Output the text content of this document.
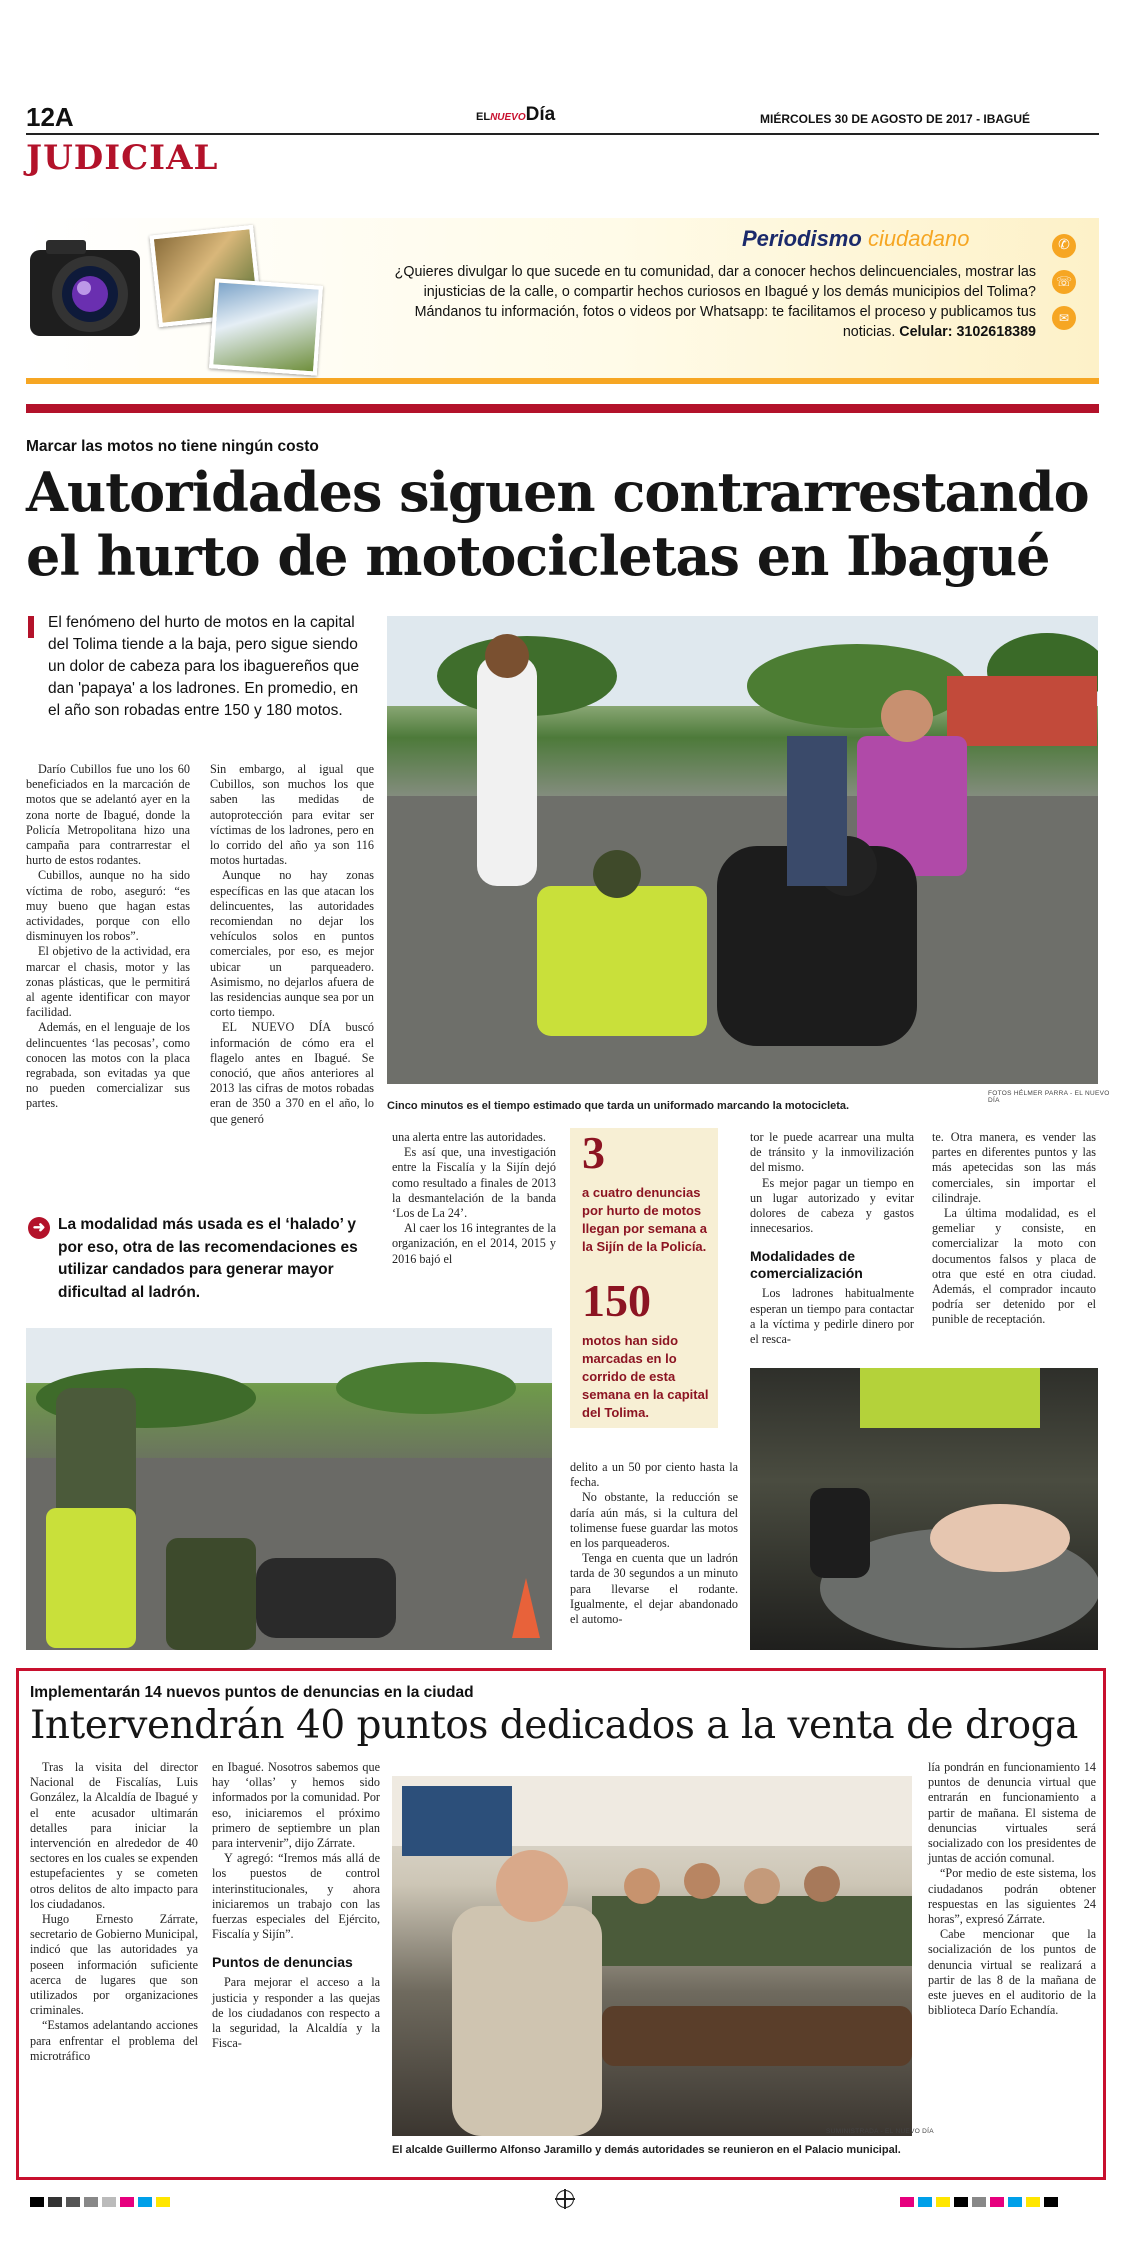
12A	ELNUEVODía	MIÉRCOLES 30 DE AGOSTO DE 2017 - IBAGUÉ
JUDICIAL
Periodismo ciudadano
¿Quieres divulgar lo que sucede en tu comunidad, dar a conocer hechos delincuenciales, mostrar las injusticias de la calle, o compartir hechos curiosos en Ibagué y los demás municipios del Tolima? Mándanos tu información, fotos o videos por Whatsapp: te facilitamos el proceso y publicamos tus noticias. Celular: 3102618389
✆
☏
✉
Marcar las motos no tiene ningún costo
Autoridades siguen contrarrestando
el hurto de motocicletas en Ibagué
El fenómeno del hurto de motos en la capital del Tolima tiende a la baja, pero sigue siendo un dolor de cabeza para los ibaguereños que dan 'papaya' a los ladrones. En promedio, en el año son robadas entre 150 y 180 motos.

Darío Cubillos fue uno los 60 beneficiados en la marcación de motos que se adelantó ayer en la zona norte de Ibagué, donde la Policía Metropolitana hizo una campaña para contrarrestar el hurto de estos rodantes.

Cubillos, aunque no ha sido víctima de robo, aseguró: “es muy bueno que hagan estas actividades, porque con ello disminuyen los robos”.

El objetivo de la actividad, era marcar el chasis, motor y las zonas plásticas, que le permitirá al agente identificar con mayor facilidad.

Además, en el lenguaje de los delincuentes ‘las pecosas’, como conocen las motos con la placa regrabada, son evitadas ya que no pueden comercializar sus partes.

Sin embargo, al igual que Cubillos, son muchos los que saben las medidas de autoprotección para evitar ser víctimas de los ladrones, pero en lo corrido del año ya son 116 motos hurtadas.

Aunque no hay zonas específicas en las que atacan los delincuentes, las autoridades recomiendan no dejar los vehículos solos en puntos comerciales, por eso, es mejor ubicar un parqueadero. Asimismo, no dejarlos afuera de las residencias aunque sea por un corto tiempo.

EL NUEVO DÍA buscó información de cómo era el flagelo antes en Ibagué. Se conoció, que años anteriores al 2013 las cifras de motos robadas eran de 350 a 370 en el año, lo que generó

Cinco minutos es el tiempo estimado que tarda un uniformado marcando la motocicleta.
FOTOS HÉLMER PARRA - EL NUEVO DÍA
➜ La modalidad más usada es el ‘halado’ y por eso, otra de las recomendaciones es utilizar candados para generar mayor dificultad al ladrón.

una alerta entre las autoridades.

Es así que, una investigación entre la Fiscalía y la Sijín dejó como resultado a finales de 2013 la desmantelación de la banda ‘Los de La 24’.

Al caer los 16 integrantes de la organización, en el 2014, 2015 y 2016 bajó el

3
a cuatro denuncias por hurto de motos llegan por semana a la Sijín de la Policía.
150
motos han sido marcadas en lo corrido de esta semana en la capital del Tolima.

tor le puede acarrear una multa de tránsito y la inmovilización del mismo.

Es mejor pagar un tiempo en un lugar autorizado y evitar dolores de cabeza y gastos innecesarios.

Modalidades de comercialización

Los ladrones habitualmente esperan un tiempo para contactar a la víctima y pedirle dinero por el resca-

te. Otra manera, es vender las partes en diferentes puntos y las más apetecidas son las más comerciales, sin importar el cilindraje.

La última modalidad, es el gemeliar y consiste, en comercializar la moto con documentos falsos y placa de otra que esté en otra ciudad. Además, el comprador incauto podría ser detenido por el punible de receptación.

delito a un 50 por ciento hasta la fecha.

No obstante, la reducción se daría aún más, si la cultura del tolimense fuese guardar las motos en los parqueaderos.

Tenga en cuenta que un ladrón tarda de 30 segundos a un minuto para llevarse el rodante. Igualmente, el dejar abandonado el automo-

Implementarán 14 nuevos puntos de denuncias en la ciudad
Intervendrán 40 puntos dedicados a la venta de droga

Tras la visita del director Nacional de Fiscalías, Luis González, la Alcaldía de Ibagué y el ente acusador ultimarán detalles para iniciar la intervención en alrededor de 40 sectores en los cuales se expenden estupefacientes y se cometen otros delitos de alto impacto para los ciudadanos.

Hugo Ernesto Zárrate, secretario de Gobierno Municipal, indicó que las autoridades ya poseen información suficiente acerca de lugares que son utilizados por organizaciones criminales.

“Estamos adelantando acciones para enfrentar el problema del microtráfico

en Ibagué. Nosotros sabemos que hay ‘ollas’ y hemos sido informados por la comunidad. Por eso, iniciaremos el próximo primero de septiembre un plan para intervenir”, dijo Zárrate.

Y agregó: “Iremos más allá de los puestos de control interinstitucionales, y ahora iniciaremos un trabajo con las fuerzas especiales del Ejército, Fiscalía y Sijín”.

Puntos de denuncias

Para mejorar el acceso a la justicia y responder a las quejas de los ciudadanos con respecto a la seguridad, la Alcaldía y la Fisca-

El alcalde Guillermo Alfonso Jaramillo y demás autoridades se reunieron en el Palacio municipal.
SUMINISTRADA - EL NUEVO DÍA

lía pondrán en funcionamiento 14 puntos de denuncia virtual que entrarán en funcionamiento a partir de mañana. El sistema de denuncias virtuales será socializado con los presidentes de juntas de acción comunal.

“Por medio de este sistema, los ciudadanos podrán obtener respuestas en las siguientes 24 horas”, expresó Zárrate.

Cabe mencionar que la socialización de los puntos de denuncia virtual se realizará a partir de las 8 de la mañana de este jueves en el auditorio de la biblioteca Darío Echandía.
